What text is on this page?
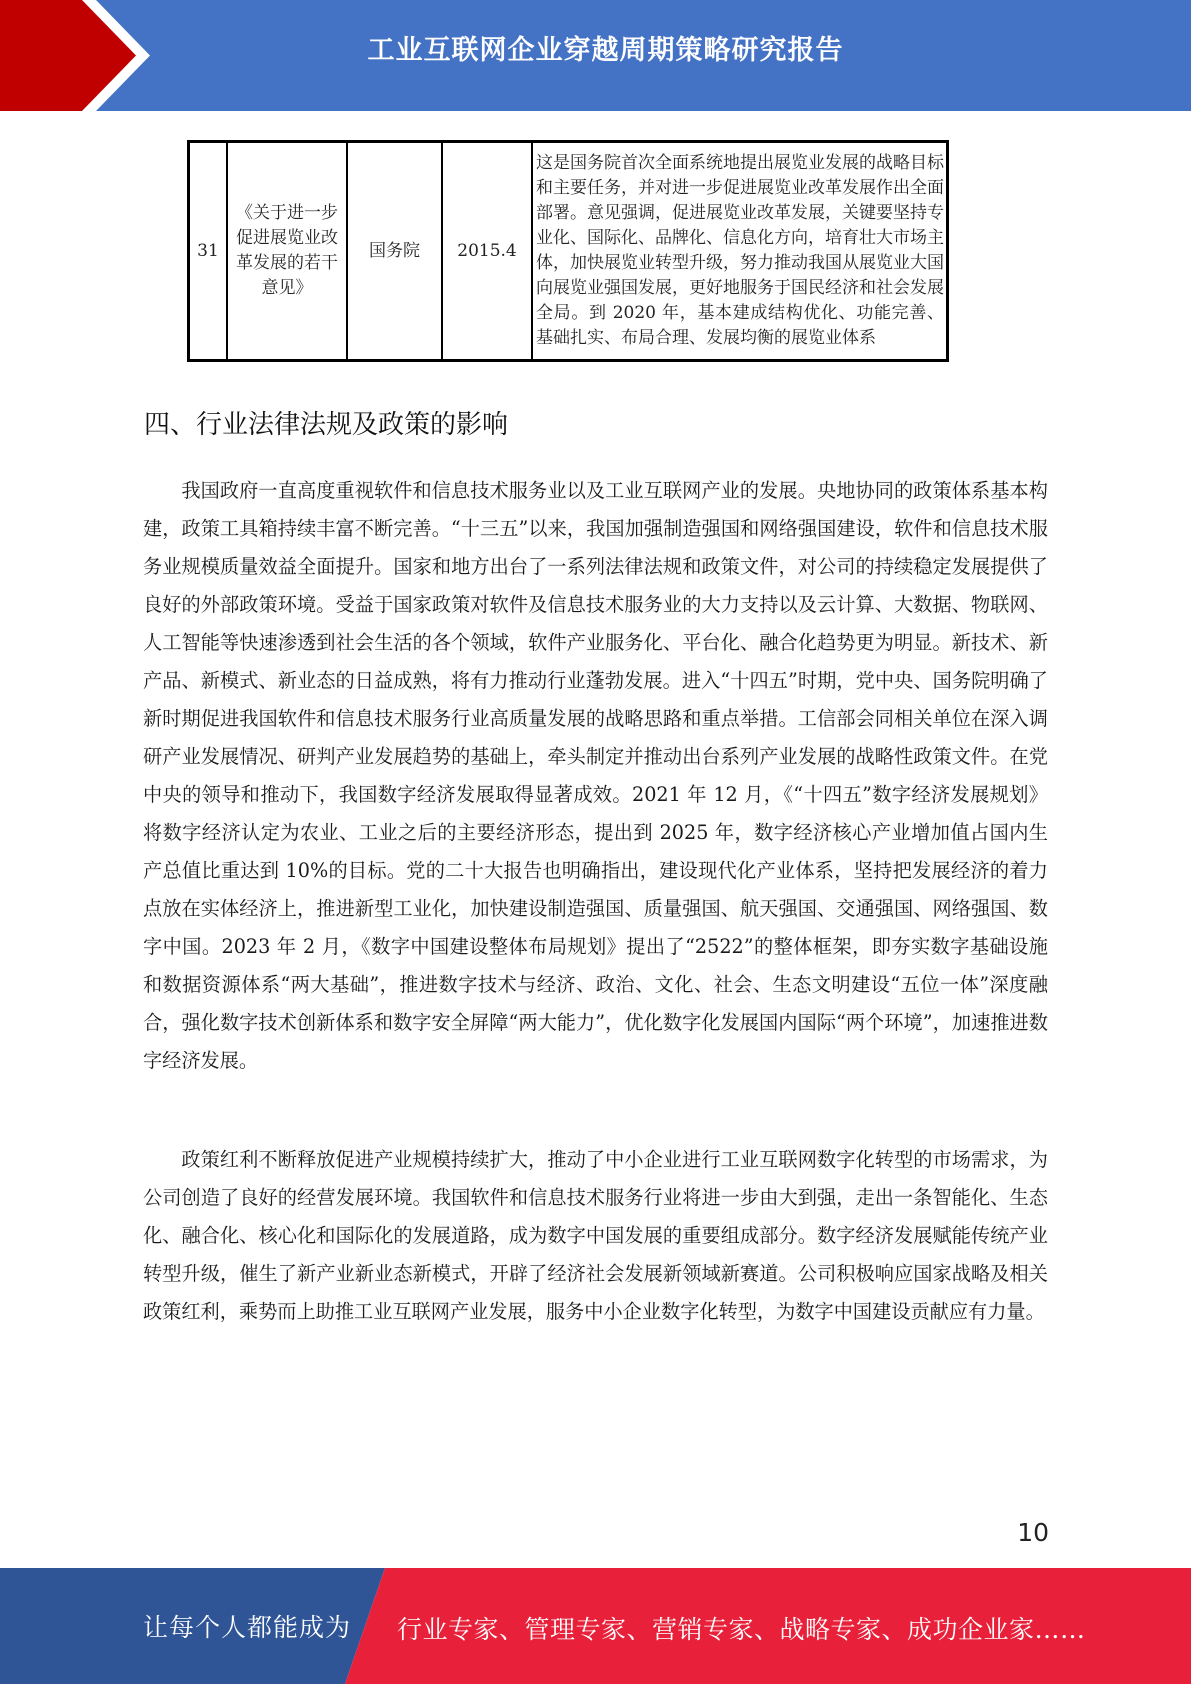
工业互联网企业穿越周期策略研究报告
31	《关于进一步促进展览业改革发展的若干意见》	国务院	2015.4	这是国务院首次全面系统地提出展览业发展的战略目标和主要任务，并对进一步促进展览业改革发展作出全面部署。意见强调，促进展览业改革发展，关键要坚持专业化、国际化、品牌化、信息化方向，培育壮大市场主体，加快展览业转型升级，努力推动我国从展览业大国向展览业强国发展，更好地服务于国民经济和社会发展全局。到 2020 年，基本建成结构优化、功能完善、基础扎实、布局合理、发展均衡的展览业体系
四、行业法律法规及政策的影响

我国政府一直高度重视软件和信息技术服务业以及工业互联网产业的发展。央地协同的政策体系基本构建，政策工具箱持续丰富不断完善。“十三五”以来，我国加强制造强国和网络强国建设，软件和信息技术服务业规模质量效益全面提升。国家和地方出台了一系列法律法规和政策文件，对公司的持续稳定发展提供了良好的外部政策环境。受益于国家政策对软件及信息技术服务业的大力支持以及云计算、大数据、物联网、人工智能等快速渗透到社会生活的各个领域，软件产业服务化、平台化、融合化趋势更为明显。新技术、新产品、新模式、新业态的日益成熟，将有力推动行业蓬勃发展。进入“十四五”时期，党中央、国务院明确了新时期促进我国软件和信息技术服务行业高质量发展的战略思路和重点举措。工信部会同相关单位在深入调研产业发展情况、研判产业发展趋势的基础上，牵头制定并推动出台系列产业发展的战略性政策文件。在党中央的领导和推动下，我国数字经济发展取得显著成效。2021 年 12 月，《“十四五”数字经济发展规划》将数字经济认定为农业、工业之后的主要经济形态，提出到 2025 年，数字经济核心产业增加值占国内生产总值比重达到 10%的目标。党的二十大报告也明确指出，建设现代化产业体系，坚持把发展经济的着力点放在实体经济上，推进新型工业化，加快建设制造强国、质量强国、航天强国、交通强国、网络强国、数字中国。2023 年 2 月，《数字中国建设整体布局规划》提出了“2522”的整体框架，即夯实数字基础设施和数据资源体系“两大基础”，推进数字技术与经济、政治、文化、社会、生态文明建设“五位一体”深度融合，强化数字技术创新体系和数字安全屏障“两大能力”，优化数字化发展国内国际“两个环境”，加速推进数字经济发展。

政策红利不断释放促进产业规模持续扩大，推动了中小企业进行工业互联网数字化转型的市场需求，为公司创造了良好的经营发展环境。我国软件和信息技术服务行业将进一步由大到强，走出一条智能化、生态化、融合化、核心化和国际化的发展道路，成为数字中国发展的重要组成部分。数字经济发展赋能传统产业转型升级，催生了新产业新业态新模式，开辟了经济社会发展新领域新赛道。公司积极响应国家战略及相关政策红利，乘势而上助推工业互联网产业发展，服务中小企业数字化转型，为数字中国建设贡献应有力量。

10
让每个人都能成为 行业专家、管理专家、营销专家、战略专家、成功企业家……
